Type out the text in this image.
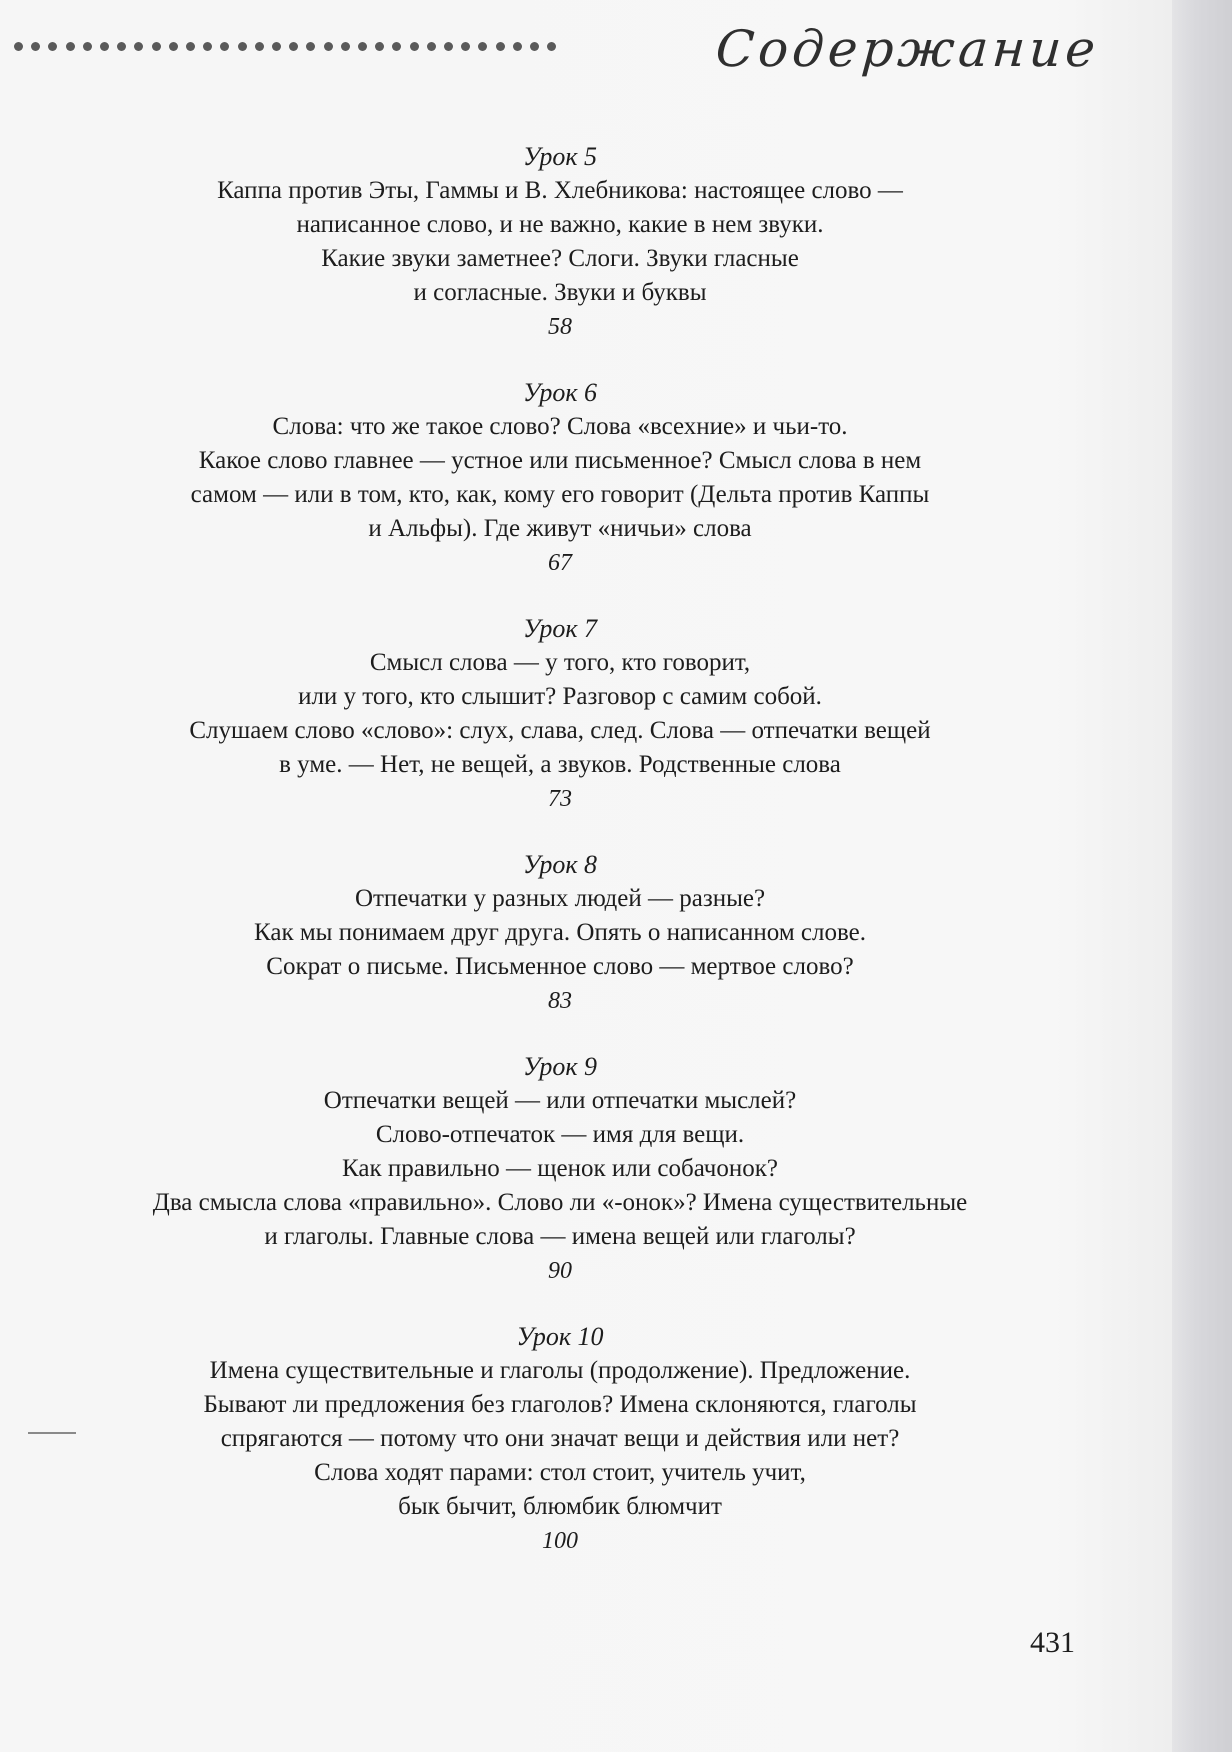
Содержание

Урок 5

Каппа против Эты, Гаммы и В. Хлебникова: настоящее слово —

написанное слово, и не важно, какие в нем звуки.

Какие звуки заметнее? Слоги. Звуки гласные

и согласные. Звуки и буквы

58

Урок 6

Слова: что же такое слово? Слова «всехние» и чьи-то.

Какое слово главнее — устное или письменное? Смысл слова в нем

самом — или в том, кто, как, кому его говорит (Дельта против Каппы

и Альфы). Где живут «ничьи» слова

67

Урок 7

Смысл слова — у того, кто говорит,

или у того, кто слышит? Разговор с самим собой.

Слушаем слово «слово»: слух, слава, след. Слова — отпечатки вещей

в уме. — Нет, не вещей, а звуков. Родственные слова

73

Урок 8

Отпечатки у разных людей — разные?

Как мы понимаем друг друга. Опять о написанном слове.

Сократ о письме. Письменное слово — мертвое слово?

83

Урок 9

Отпечатки вещей — или отпечатки мыслей?

Слово-отпечаток — имя для вещи.

Как правильно — щенок или собачонок?

Два смысла слова «правильно». Слово ли «-онок»? Имена существительные

и глаголы. Главные слова — имена вещей или глаголы?

90

Урок 10

Имена существительные и глаголы (продолжение). Предложение.

Бывают ли предложения без глаголов? Имена склоняются, глаголы

спрягаются — потому что они значат вещи и действия или нет?

Слова ходят парами: стол стоит, учитель учит,

бык бычит, блюмбик блюмчит

100

431
